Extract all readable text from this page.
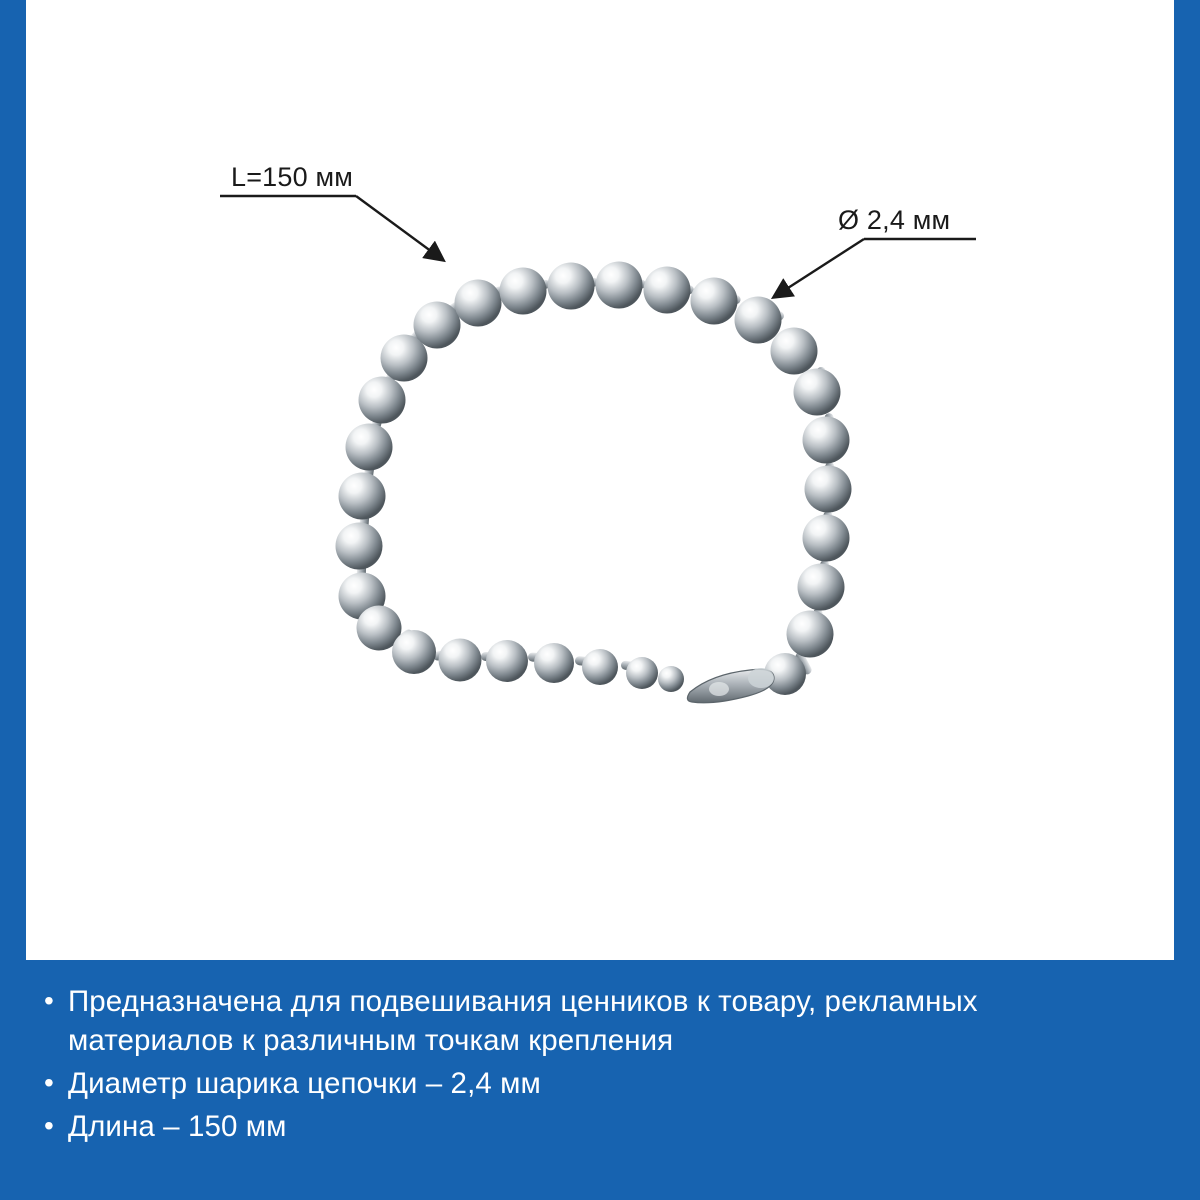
L=150 мм
Ø 2,4 мм
• Предназначена для подвешивания ценников к товару, рекламных материалов к различным точкам крепления
• Диаметр шарика цепочки – 2,4 мм
• Длина – 150 мм
